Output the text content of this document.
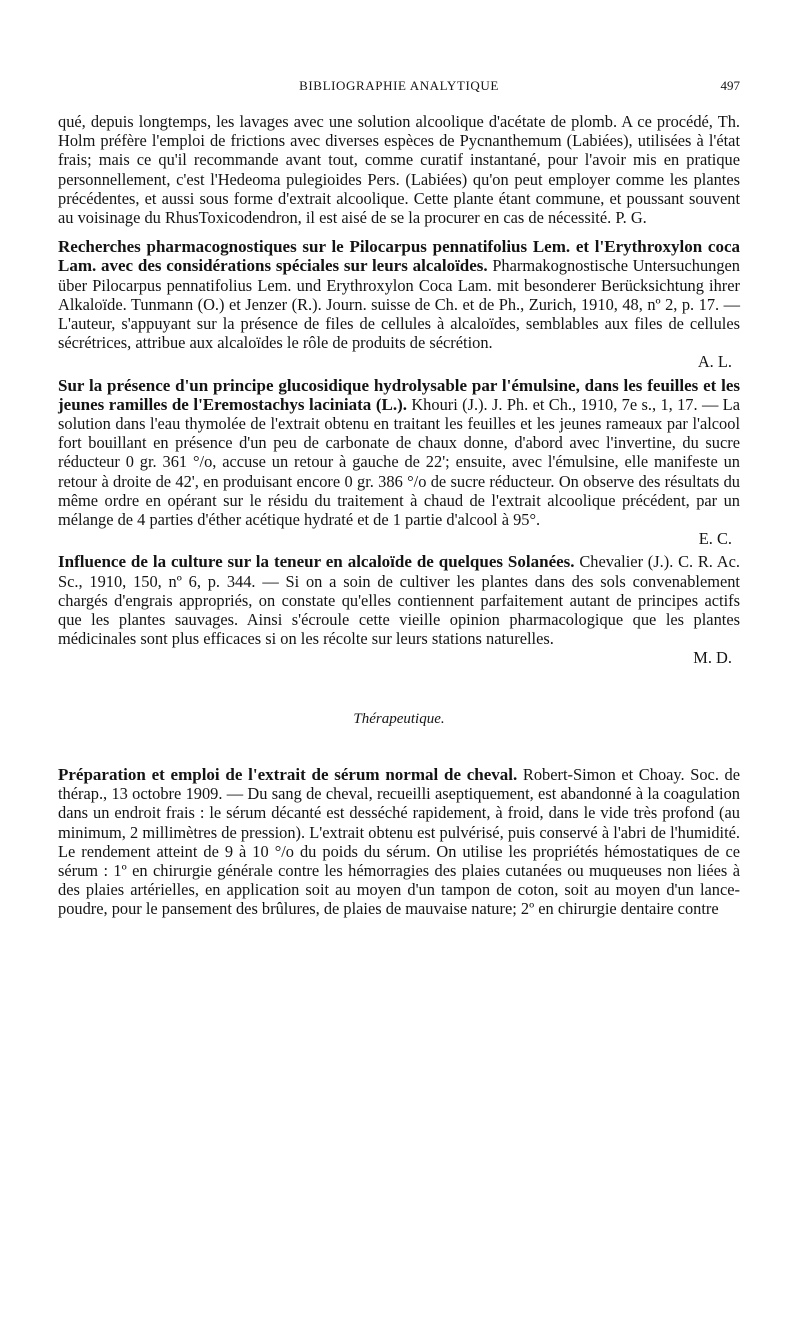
BIBLIOGRAPHIE ANALYTIQUE	497

qué, depuis longtemps, les lavages avec une solution alcoolique d'acétate de plomb. A ce procédé, Th. Holm préfère l'emploi de frictions avec diverses espèces de Pycnanthemum (Labiées), utilisées à l'état frais; mais ce qu'il recommande avant tout, comme curatif instantané, pour l'avoir mis en pratique personnellement, c'est l'Hedeoma pulegioides Pers. (Labiées) qu'on peut employer comme les plantes précédentes, et aussi sous forme d'extrait alcoolique. Cette plante étant commune, et poussant souvent au voisinage du RhusToxicodendron, il est aisé de se la procurer en cas de nécessité. P. G.

Recherches pharmacognostiques sur le Pilocarpus pennatifolius Lem. et l'Erythroxylon coca Lam. avec des considérations spéciales sur leurs alcaloïdes. Pharmakognostische Untersuchungen über Pilocarpus pennatifolius Lem. und Erythroxylon Coca Lam. mit besonderer Berücksichtung ihrer Alkaloïde. Tunmann (O.) et Jenzer (R.). Journ. suisse de Ch. et de Ph., Zurich, 1910, 48, nº 2, p. 17. — L'auteur, s'appuyant sur la présence de files de cellules à alcaloïdes, semblables aux files de cellules sécrétrices, attribue aux alcaloïdes le rôle de produits de sécrétion.

A. L.

Sur la présence d'un principe glucosidique hydrolysable par l'émulsine, dans les feuilles et les jeunes ramilles de l'Eremostachys laciniata (L.). Khouri (J.). J. Ph. et Ch., 1910, 7e s., 1, 17. — La solution dans l'eau thymolée de l'extrait obtenu en traitant les feuilles et les jeunes rameaux par l'alcool fort bouillant en présence d'un peu de carbonate de chaux donne, d'abord avec l'invertine, du sucre réducteur 0 gr. 361 °/o, accuse un retour à gauche de 22'; ensuite, avec l'émulsine, elle manifeste un retour à droite de 42', en produisant encore 0 gr. 386 °/o de sucre réducteur. On observe des résultats du même ordre en opérant sur le résidu du traitement à chaud de l'extrait alcoolique précédent, par un mélange de 4 parties d'éther acétique hydraté et de 1 partie d'alcool à 95°.

E. C.

Influence de la culture sur la teneur en alcaloïde de quelques Solanées. Chevalier (J.). C. R. Ac. Sc., 1910, 150, nº 6, p. 344. — Si on a soin de cultiver les plantes dans des sols convenablement chargés d'engrais appropriés, on constate qu'elles contiennent parfaitement autant de principes actifs que les plantes sauvages. Ainsi s'écroule cette vieille opinion pharmacologique que les plantes médicinales sont plus efficaces si on les récolte sur leurs stations naturelles.

M. D.

Thérapeutique.

Préparation et emploi de l'extrait de sérum normal de cheval. Robert-Simon et Choay. Soc. de thérap., 13 octobre 1909. — Du sang de cheval, recueilli aseptiquement, est abandonné à la coagulation dans un endroit frais : le sérum décanté est desséché rapidement, à froid, dans le vide très profond (au minimum, 2 millimètres de pression). L'extrait obtenu est pulvérisé, puis conservé à l'abri de l'humidité. Le rendement atteint de 9 à 10 °/o du poids du sérum. On utilise les propriétés hémostatiques de ce sérum : 1º en chirurgie générale contre les hémorragies des plaies cutanées ou muqueuses non liées à des plaies artérielles, en application soit au moyen d'un tampon de coton, soit au moyen d'un lance-poudre, pour le pansement des brûlures, de plaies de mauvaise nature; 2º en chirurgie dentaire contre
